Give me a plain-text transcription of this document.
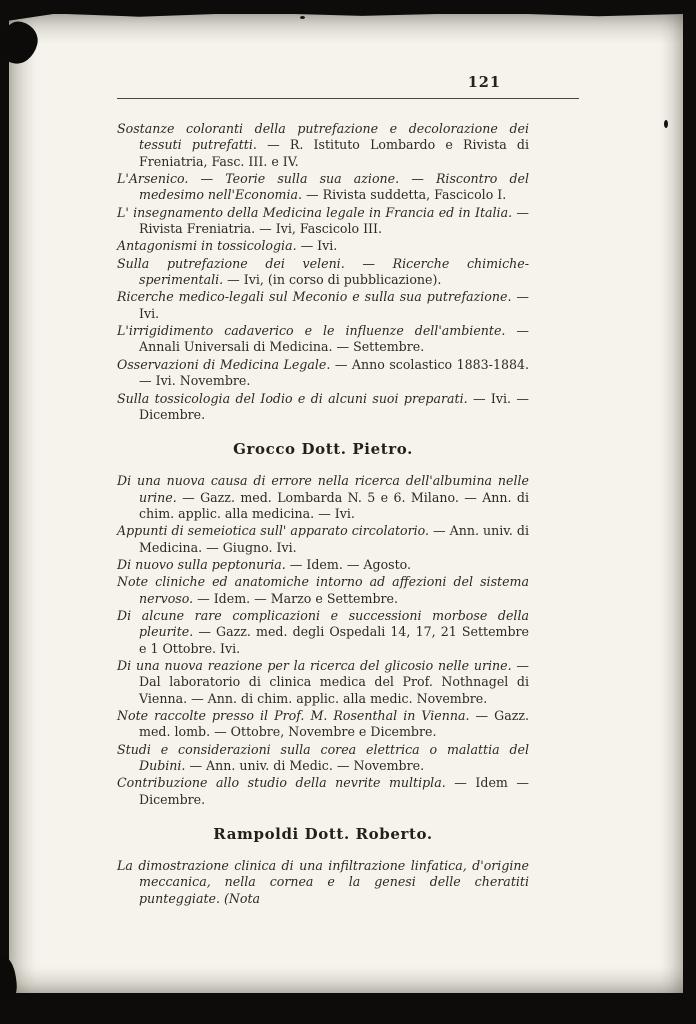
121
Sostanze coloranti della putrefazione e decolorazione dei tessuti putrefatti. — R. Istituto Lombardo e Rivista di Freniatria, Fasc. III. e IV.
L'Arsenico. — Teorie sulla sua azione. — Riscontro del medesimo nell'Economia. — Rivista suddetta, Fascicolo I.
L' insegnamento della Medicina legale in Francia ed in Italia. — Rivista Freniatria. — Ivi, Fascicolo III.
Antagonismi in tossicologia. — Ivi.
Sulla putrefazione dei veleni. — Ricerche chimiche-sperimentali. — Ivi, (in corso di pubblicazione).
Ricerche medico-legali sul Meconio e sulla sua putrefazione. — Ivi.
L'irrigidimento cadaverico e le influenze dell'ambiente. — Annali Universali di Medicina. — Settembre.
Osservazioni di Medicina Legale. — Anno scolastico 1883-1884. — Ivi. Novembre.
Sulla tossicologia del Iodio e di alcuni suoi preparati. — Ivi. — Dicembre.
Grocco Dott. Pietro.
Di una nuova causa di errore nella ricerca dell'albumina nelle urine. — Gazz. med. Lombarda N. 5 e 6. Milano. — Ann. di chim. applic. alla medicina. — Ivi.
Appunti di semeiotica sull' apparato circolatorio. — Ann. univ. di Medicina. — Giugno. Ivi.
Di nuovo sulla peptonuria. — Idem. — Agosto.
Note cliniche ed anatomiche intorno ad affezioni del sistema nervoso. — Idem. — Marzo e Settembre.
Di alcune rare complicazioni e successioni morbose della pleurite. — Gazz. med. degli Ospedali 14, 17, 21 Settembre e 1 Ottobre. Ivi.
Di una nuova reazione per la ricerca del glicosio nelle urine. — Dal laboratorio di clinica medica del Prof. Nothnagel di Vienna. — Ann. di chim. applic. alla medic. Novembre.
Note raccolte presso il Prof. M. Rosenthal in Vienna. — Gazz. med. lomb. — Ottobre, Novembre e Dicembre.
Studi e considerazioni sulla corea elettrica o malattia del Dubini. — Ann. univ. di Medic. — Novembre.
Contribuzione allo studio della nevrite multipla. — Idem — Dicembre.
Rampoldi Dott. Roberto.
La dimostrazione clinica di una infiltrazione linfatica, d'origine meccanica, nella cornea e la genesi delle cheratiti punteggiate. (Nota
